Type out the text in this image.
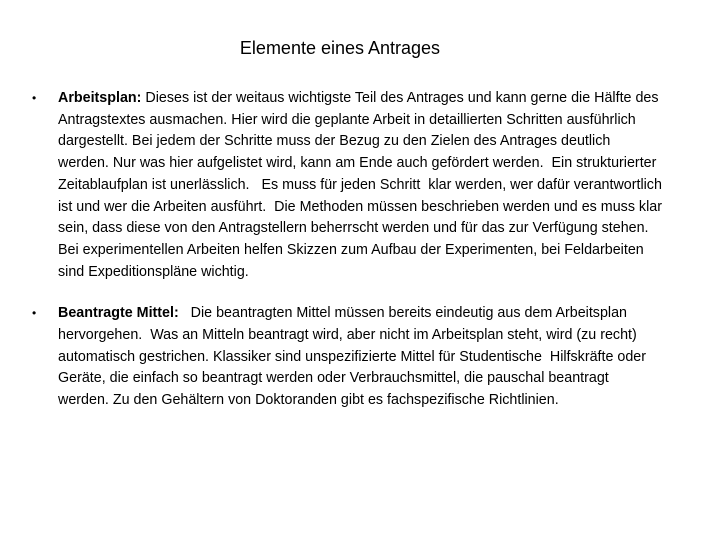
Elemente eines Antrages
• Arbeitsplan: Dieses ist der weitaus wichtigste Teil des Antrages und kann gerne die Hälfte des Antragstextes ausmachen. Hier wird die geplante Arbeit in detaillierten Schritten ausführlich dargestellt. Bei jedem der Schritte muss der Bezug zu den Zielen des Antrages deutlich werden. Nur was hier aufgelistet wird, kann am Ende auch gefördert werden.  Ein strukturierter Zeitablaufplan ist unerlässlich.   Es muss für jeden Schritt  klar werden, wer dafür verantwortlich ist und wer die Arbeiten ausführt.  Die Methoden müssen beschrieben werden und es muss klar sein, dass diese von den Antragstellern beherrscht werden und für das zur Verfügung stehen.  Bei experimentellen Arbeiten helfen Skizzen zum Aufbau der Experimenten, bei Feldarbeiten sind Expeditionspläne wichtig.
• Beantragte Mittel:   Die beantragten Mittel müssen bereits eindeutig aus dem Arbeitsplan hervorgehen.  Was an Mitteln beantragt wird, aber nicht im Arbeitsplan steht, wird (zu recht) automatisch gestrichen. Klassiker sind unspezifizierte Mittel für Studentische  Hilfskräfte oder Geräte, die einfach so beantragt werden oder Verbrauchsmittel, die pauschal beantragt werden. Zu den Gehältern von Doktoranden gibt es fachspezifische Richtlinien.
